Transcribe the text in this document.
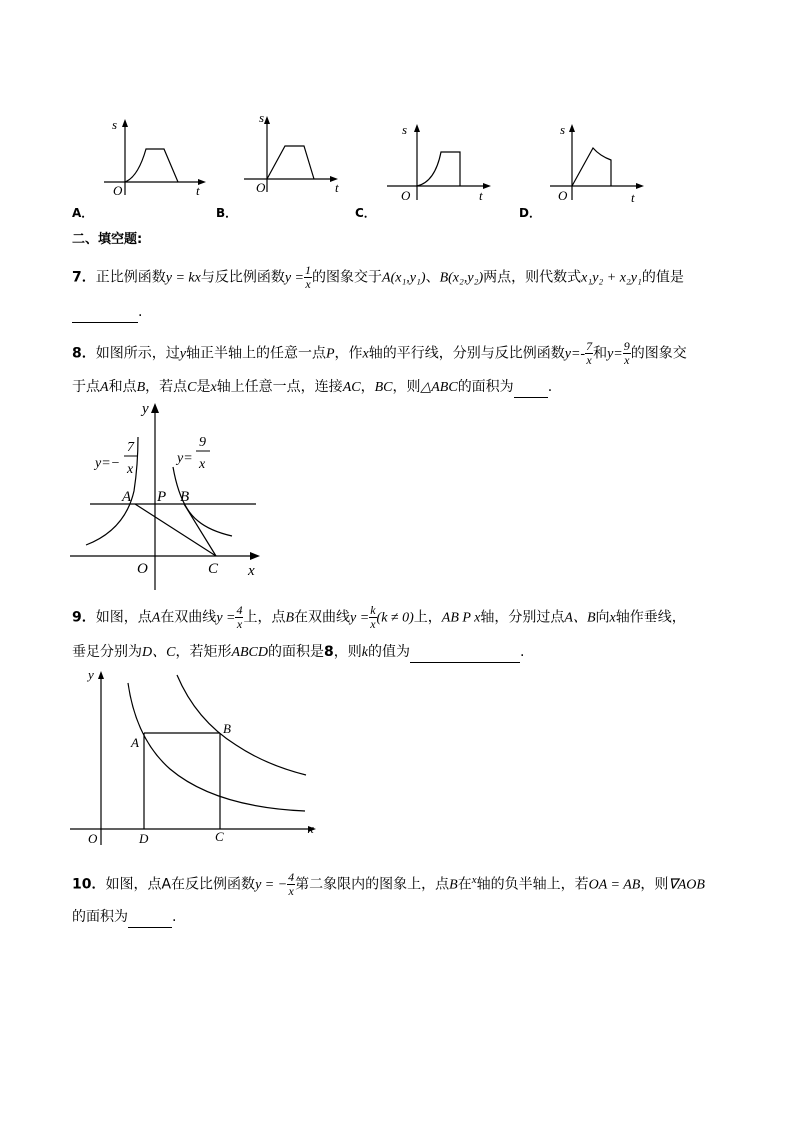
s
O	t
A．
s
O	t
B．
s
O	t
C．
s
O	t
D．
二、填空题:
7．正比例函数y = kx与反比例函数$y = \frac{1}{x}$ 的图象交于A(x₁,y₁)、B(x₂,y₂)两点，则代数式x₁y₂ + x₂y₁的值是
.
8．如图所示，过y轴正半轴上的任意一点P，作x轴的平行线，分别与反比例函数$y=- \frac{7}{x}$ 和$y= \frac{9}{x}$ 的图象交
于点A和点B，若点C是x轴上任意一点，连接AC，BC，则△ABC的面积为 .
y
x
O
A P B
C
y=−
7
x
y=
9
x
9．如图，点A在双曲线$y = \frac{4}{x}$ 上，点B在双曲线$y = \frac{k}{x} (k \ne 0)$上，AB P x轴，分别过点A、B向x轴作垂线，
垂足分别为D、C，若矩形ABCD的面积是8，则k的值为	.
y
x
O
A
B
D	C
10．如图，点A在反比例函数y = − $\frac{4}{x}$ 第二象限内的图象上，点B在$^x$轴的负半轴上，若OA = AB，则∇AOB
的面积为	.
